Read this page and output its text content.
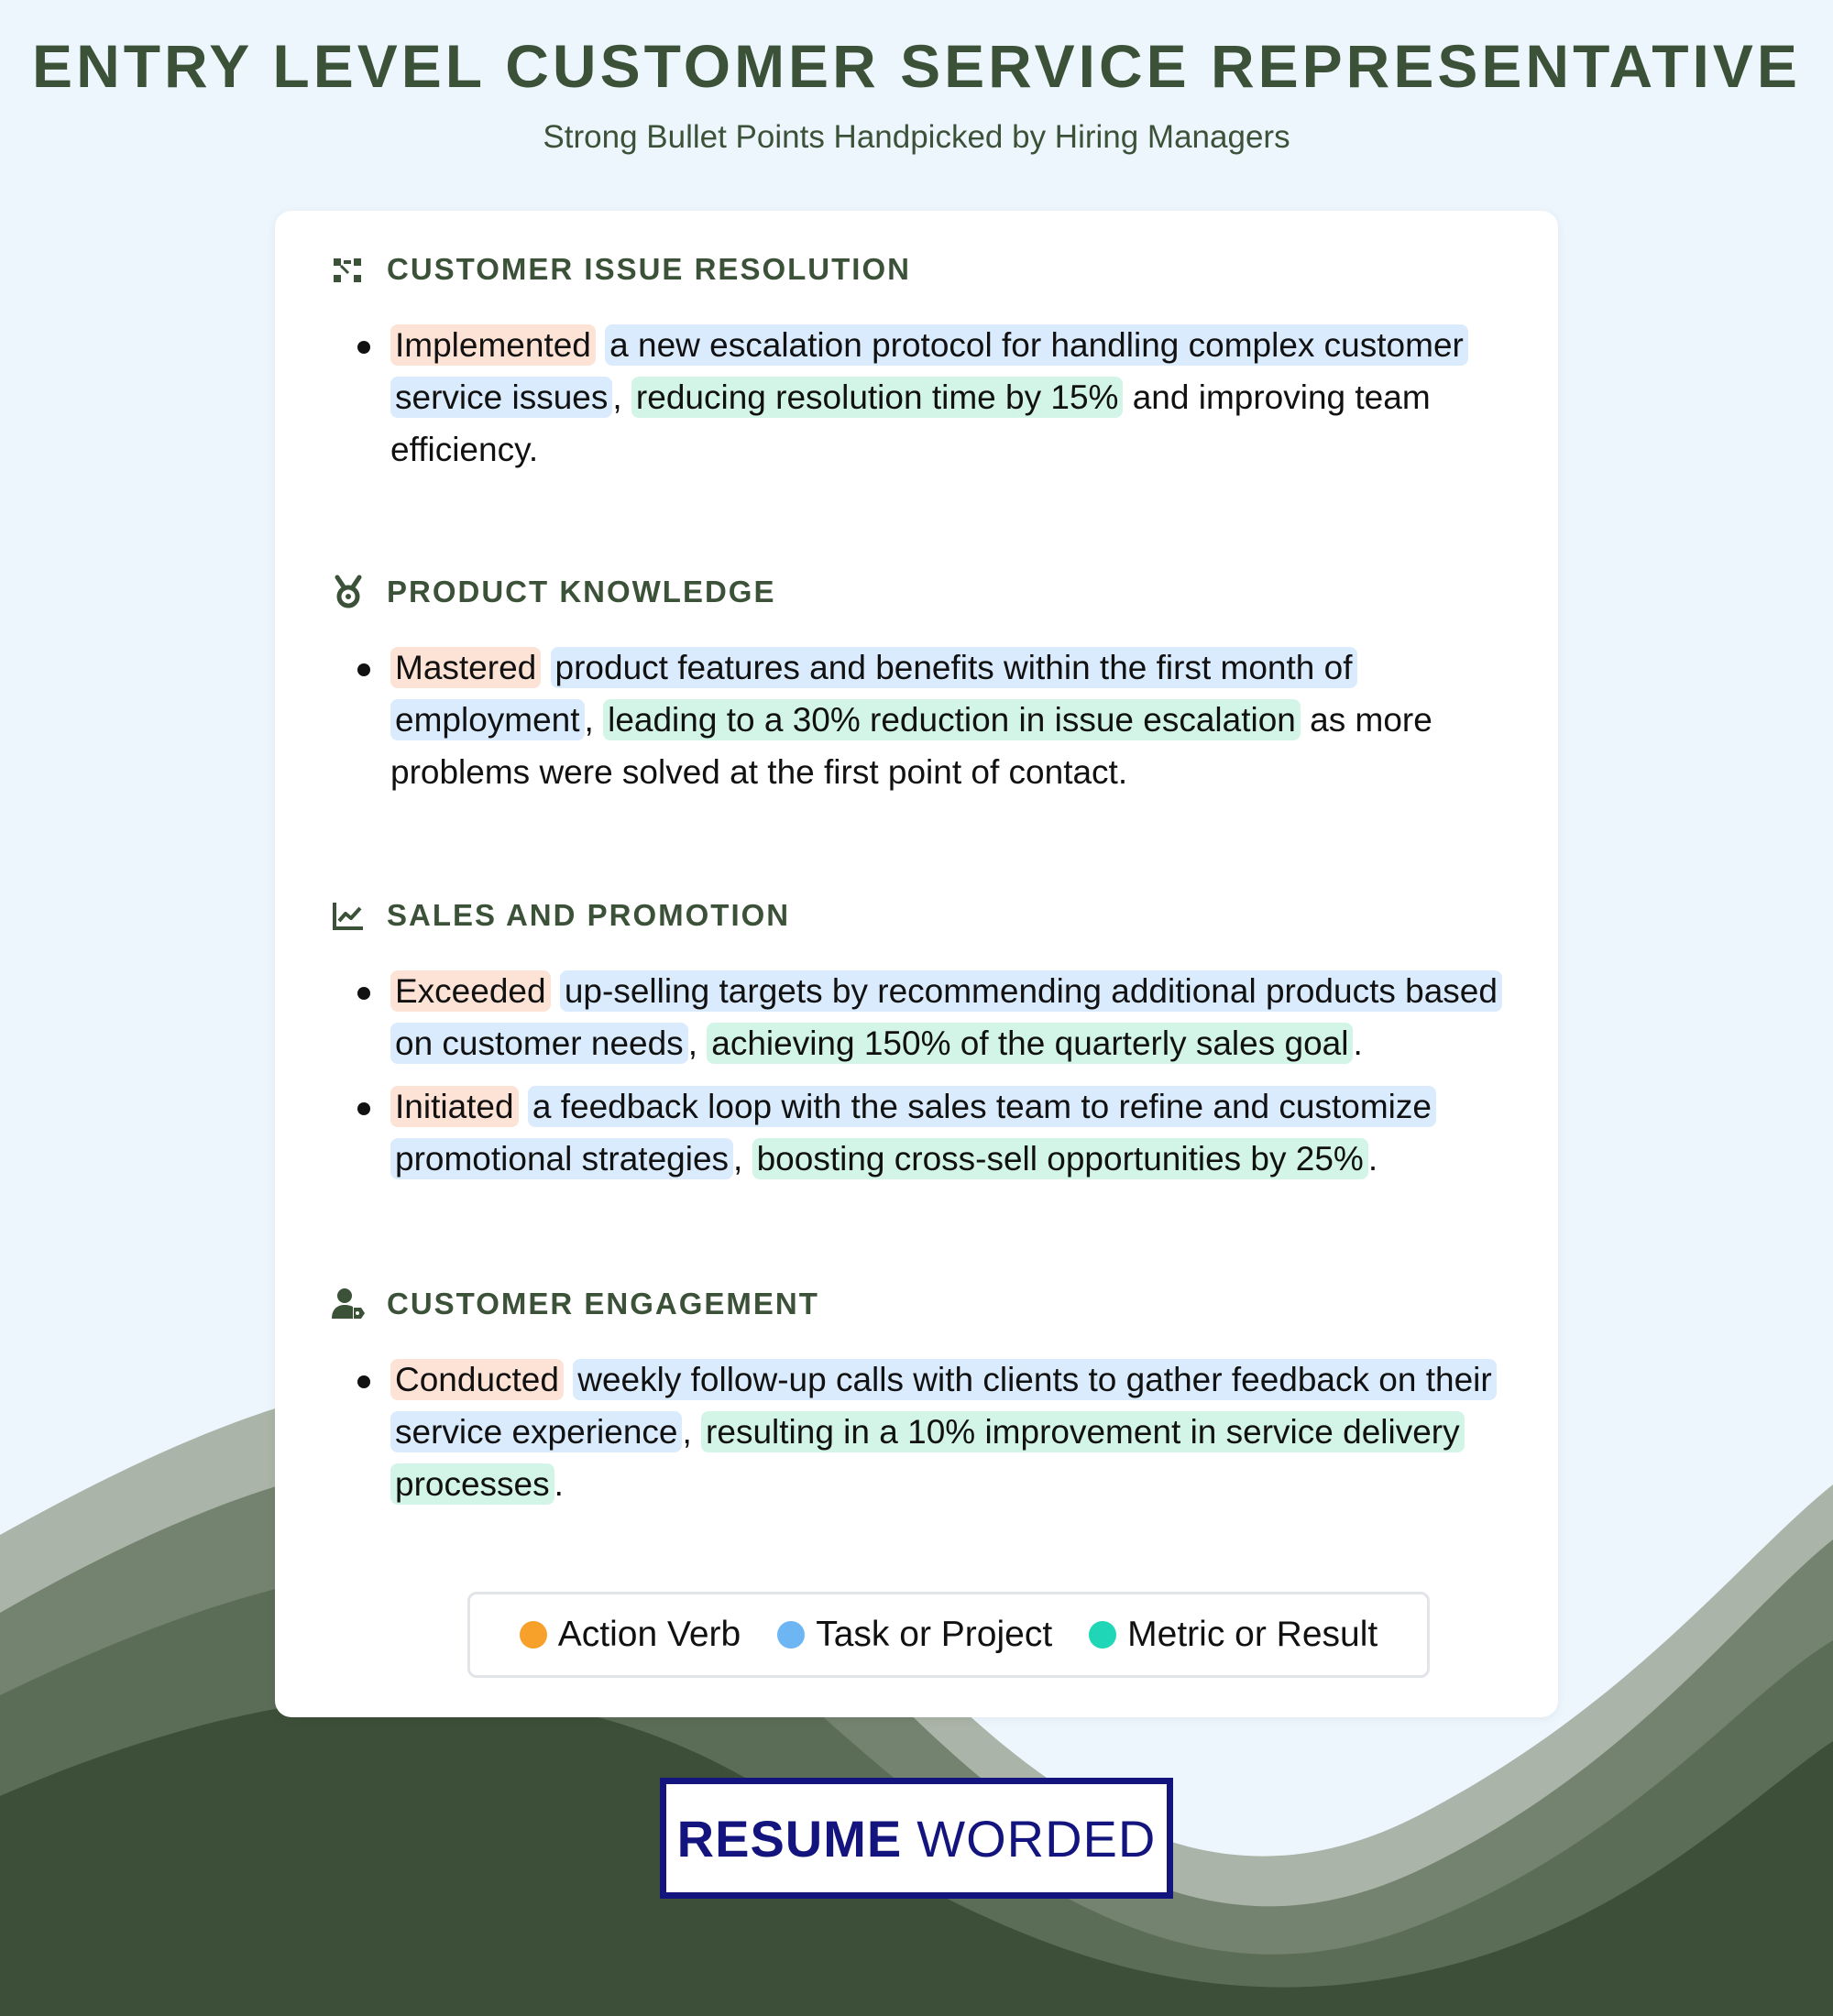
ENTRY LEVEL CUSTOMER SERVICE REPRESENTATIVE
Strong Bullet Points Handpicked by Hiring Managers
CUSTOMER ISSUE RESOLUTION
Implemented a new escalation protocol for handling complex customer service issues , reducing resolution time by 15% and improving team efficiency.
PRODUCT KNOWLEDGE
Mastered product features and benefits within the first month of employment , leading to a 30% reduction in issue escalation as more problems were solved at the first point of contact.
SALES AND PROMOTION
Exceeded up-selling targets by recommending additional products based on customer needs , achieving 150% of the quarterly sales goal .
Initiated a feedback loop with the sales team to refine and customize promotional strategies , boosting cross-sell opportunities by 25% .
CUSTOMER ENGAGEMENT
Conducted weekly follow-up calls with clients to gather feedback on their service experience , resulting in a 10% improvement in service delivery processes .
Action Verb Task or Project Metric or Result
RESUME WORDED
